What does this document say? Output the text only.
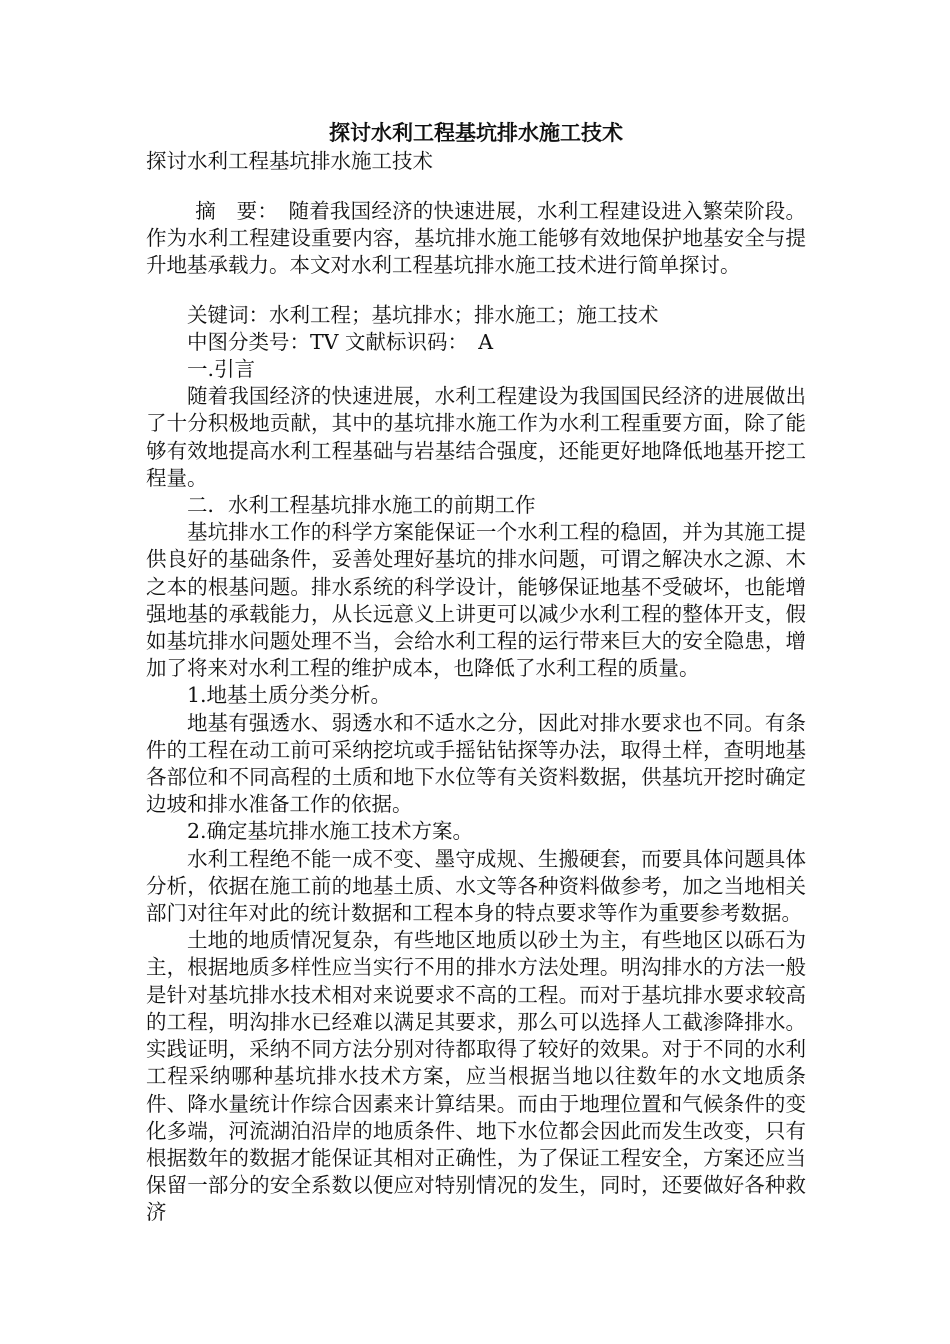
探讨水利工程基坑排水施工技术

探讨水利工程基坑排水施工技术

摘　要：　随着我国经济的快速进展，水利工程建设进入繁荣阶段。作为水利工程建设重要内容，基坑排水施工能够有效地保护地基安全与提升地基承载力。本文对水利工程基坑排水施工技术进行简单探讨。

关键词：水利工程；基坑排水；排水施工；施工技术

中图分类号：TV 文献标识码：　A

一.引言

随着我国经济的快速进展，水利工程建设为我国国民经济的进展做出了十分积极地贡献，其中的基坑排水施工作为水利工程重要方面，除了能够有效地提高水利工程基础与岩基结合强度，还能更好地降低地基开挖工程量。

二．水利工程基坑排水施工的前期工作

基坑排水工作的科学方案能保证一个水利工程的稳固，并为其施工提供良好的基础条件，妥善处理好基坑的排水问题，可谓之解决水之源、木之本的根基问题。排水系统的科学设计，能够保证地基不受破坏，也能增强地基的承载能力，从长远意义上讲更可以减少水利工程的整体开支，假如基坑排水问题处理不当，会给水利工程的运行带来巨大的安全隐患，增加了将来对水利工程的维护成本，也降低了水利工程的质量。

1.地基土质分类分析。

地基有强透水、弱透水和不适水之分，因此对排水要求也不同。有条件的工程在动工前可采纳挖坑或手摇钻钻探等办法，取得土样，查明地基各部位和不同高程的土质和地下水位等有关资料数据，供基坑开挖时确定边坡和排水准备工作的依据。

2.确定基坑排水施工技术方案。

水利工程绝不能一成不变、墨守成规、生搬硬套，而要具体问题具体分析，依据在施工前的地基土质、水文等各种资料做参考，加之当地相关部门对往年对此的统计数据和工程本身的特点要求等作为重要参考数据。

土地的地质情况复杂，有些地区地质以砂土为主，有些地区以砾石为主，根据地质多样性应当实行不用的排水方法处理。明沟排水的方法一般是针对基坑排水技术相对来说要求不高的工程。而对于基坑排水要求较高的工程，明沟排水已经难以满足其要求，那么可以选择人工截渗降排水。实践证明，采纳不同方法分别对待都取得了较好的效果。对于不同的水利工程采纳哪种基坑排水技术方案，应当根据当地以往数年的水文地质条件、降水量统计作综合因素来计算结果。而由于地理位置和气候条件的变化多端，河流湖泊沿岸的地质条件、地下水位都会因此而发生改变，只有根据数年的数据才能保证其相对正确性，为了保证工程安全，方案还应当保留一部分的安全系数以便应对特别情况的发生，同时，还要做好各种救济
